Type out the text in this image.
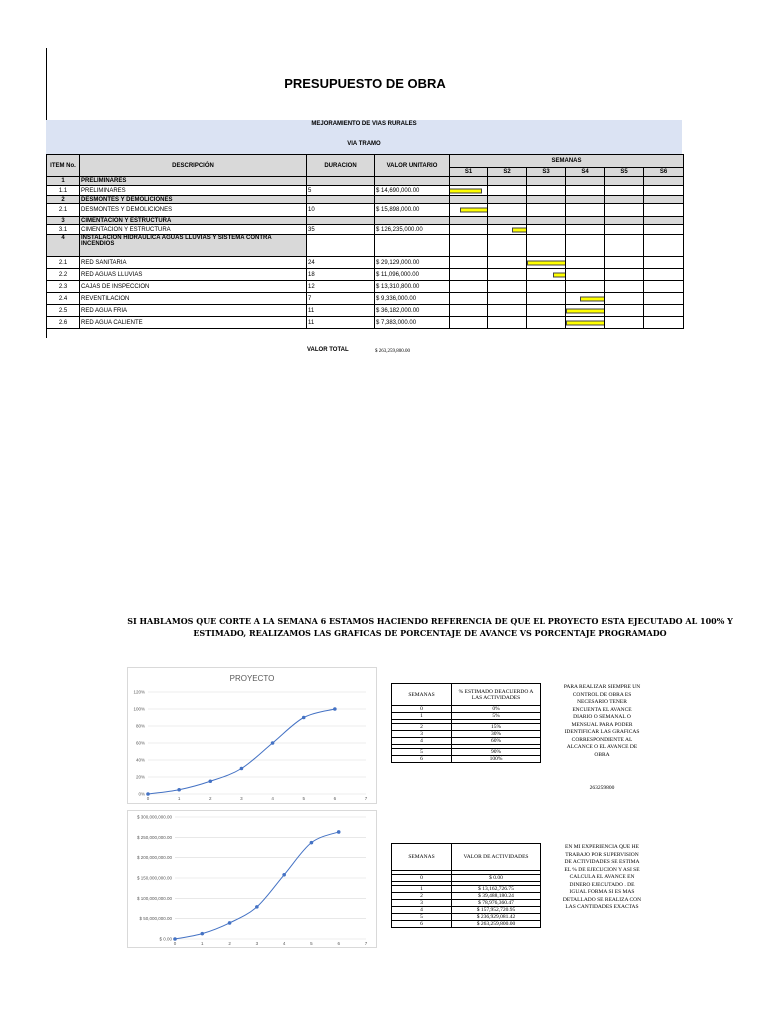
PRESUPUESTO DE OBRA
MEJORAMIENTO DE VIAS RURALES
VIA TRAMO
ITEM No.	DESCRIPCIÓN	DURACION	VALOR UNITARIO	SEMANAS					
				S1	S2	S3	S4	S5	S6
1	PRELIMINARES								
1.1	PRELIMINARES	5	$ 14,690,000.00	

2	DESMONTES Y DEMOLICIONES								
2.1	DESMONTES Y DEMOLICIONES	10	$ 15,898,000.00	

3	CIMENTACION Y ESTRUCTURA								
3.1	CIMENTACION Y ESTRUCTURA	35	$ 126,235,000.00		

4	INSTALACION HIDRAULICA AGUAS LLUVIAS Y SISTEMA CONTRA INCENDIOS								
2.1	RED SANITARIA	24	$ 29,129,000.00			

2.2	RED AGUAS LLUVIAS	18	$ 11,096,000.00			

2.3	CAJAS DE INSPECCION	12	$ 13,310,800.00			

2.4	REVENTILACION	7	$ 9,336,000.00				

2.5	RED AGUA FRIA	11	$ 36,182,000.00				

2.6	RED AGUA CALIENTE	11	$ 7,383,000.00				

VALOR TOTAL	$ 263,259,800.00
SI HABLAMOS QUE CORTE A LA SEMANA 6 ESTAMOS HACIENDO REFERENCIA DE QUE EL PROYECTO ESTA EJECUTADO AL 100% Y
ESTIMADO, REALIZAMOS LAS GRAFICAS DE PORCENTAJE DE AVANCE VS PORCENTAJE PROGRAMADO
PROYECTO
0%
20%
40%
60%
80%
100%
120%
0	1	2	3	4	5	6	7
$ 0.00
$ 50,000,000.00
$ 100,000,000.00
$ 150,000,000.00
$ 200,000,000.00
$ 250,000,000.00
$ 300,000,000.00
0	1	2	3	4	5	6	7
SEMANAS	% ESTIMADO DEACUERDO A LAS ACTIVIDADES
0	0%
1	5%

2	15%
3	30%
4	60%

5	90%
6	100%
SEMANAS	VALOR DE ACTIVIDADES

0	$ 0.00

1	$ 13,162,726.75
2	$ 39,488,180.24
3	$ 78,976,360.47
4	$ 157,952,720.95
5	$ 236,929,081.42
6	$ 263,259,800.00
PARA REALIZAR SIEMPRE UN CONTROL DE OBRA ES NECESARIO TENER ENCUENTA EL AVANCE DIARIO O SEMANAL O MENSUAL PARA PODER IDENTIFICAR LAS GRAFICAS CORRESPONDIENTE AL ALCANCE O EL AVANCE DE OBRA
263259800
EN MI EXPERIENCIA QUE HE TRABAJO POR SUPERVISION DE ACTIVIDADES SE ESTIMA EL % DE EJECUCION Y ASI SE CALCULA EL AVANCE EN DINERO EJECUTADO . DE IGUAL FORMA SI ES MAS DETALLADO SE REALIZA CON LAS CANTIDADES EXACTAS
